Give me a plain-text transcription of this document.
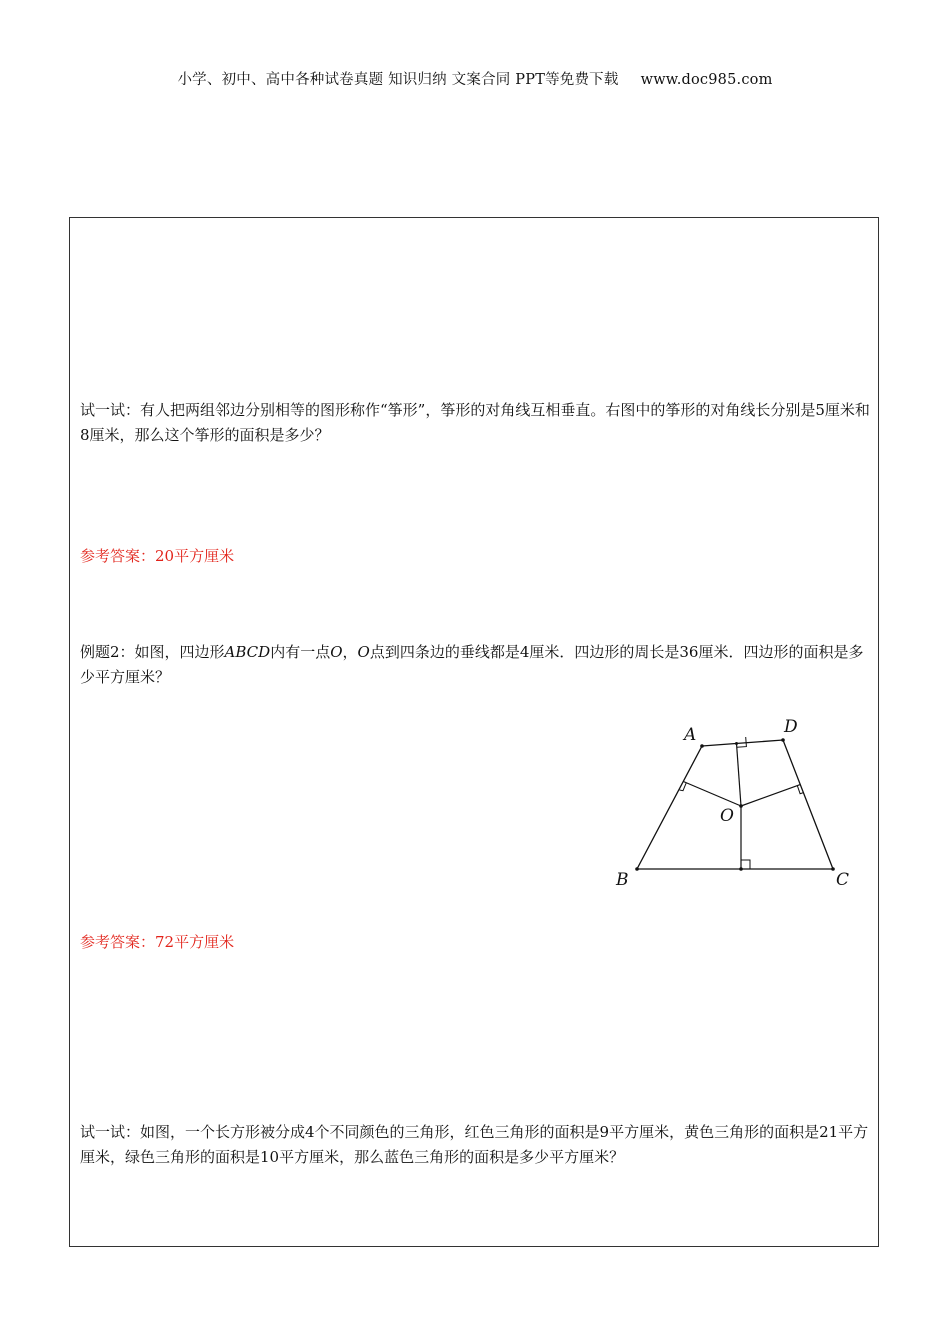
小学、初中、高中各种试卷真题 知识归纳 文案合同 PPT等免费下载 www.doc985.com

试一试：有人把两组邻边分别相等的图形称作“筝形”，筝形的对角线互相垂直。右图中的筝形的对角线长分别是5厘米和8厘米，那么这个筝形的面积是多少？

参考答案：20平方厘米

例题2：如图，四边形ABCD内有一点O，O点到四条边的垂线都是4厘米．四边形的周长是36厘米．四边形的面积是多少平方厘米？

A	D
O
B	C

参考答案：72平方厘米

试一试：如图，一个长方形被分成4个不同颜色的三角形，红色三角形的面积是9平方厘米，黄色三角形的面积是21平方厘米，绿色三角形的面积是10平方厘米，那么蓝色三角形的面积是多少平方厘米？
